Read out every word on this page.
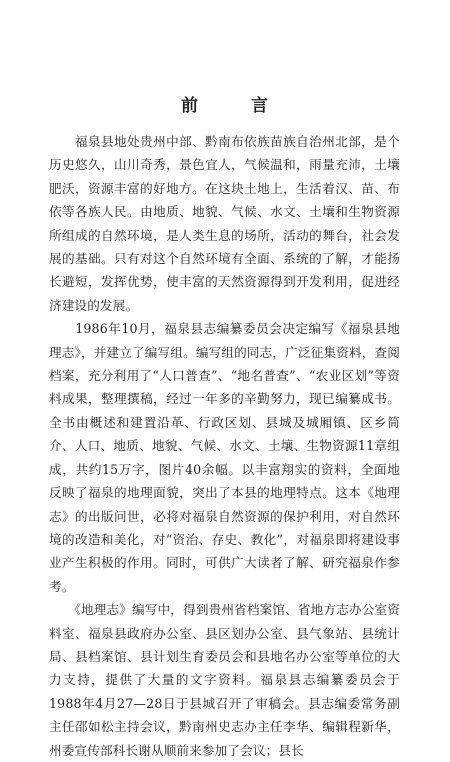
前　言

　　福泉县地处贵州中部、黔南布依族苗族自治州北部，是个历史悠久，山川奇秀，景色宜人，气候温和，雨量充沛，土壤肥沃，资源丰富的好地方。在这块土地上，生活着汉、苗、布依等各族人民。由地质、地貌、气候、水文、土壤和生物资源所组成的自然环境，是人类生息的场所，活动的舞台，社会发展的基础。只有对这个自然环境有全面、系统的了解，才能扬长避短，发挥优势，使丰富的天然资源得到开发利用，促进经济建设的发展。

　　1986年10月，福泉县志编纂委员会决定编写《福泉县地理志》，并建立了编写组。编写组的同志，广泛征集资料，查阅档案，充分利用了“人口普查”、“地名普查”、“农业区划”等资料成果，整理撰稿，经过一年多的辛勤努力，现已编纂成书。全书由概述和建置沿革、行政区划、县城及城厢镇、区乡简介、人口、地质、地貌、气候、水文、土壤、生物资源11章组成，共约15万字，图片40余幅。以丰富翔实的资料，全面地反映了福泉的地理面貌，突出了本县的地理特点。这本《地理志》的出版问世，必将对福泉自然资源的保护利用，对自然环境的改造和美化，对“资治、存史、教化”，对福泉即将建设事业产生积极的作用。同时，可供广大读者了解、研究福泉作参考。

　　《地理志》编写中，得到贵州省档案馆、省地方志办公室资料室、福泉县政府办公室、县区划办公室、县气象站、县统计局、县档案馆、县计划生育委员会和县地名办公室等单位的大力支持，提供了大量的文字资料。福泉县志编纂委员会于1988年4月27—28日于县城召开了审稿会。县志编委常务副主任邵如松主持会议，黔南州史志办主任李华、编辑程新华，州委宣传部科长谢从顺前来参加了会议；县长
